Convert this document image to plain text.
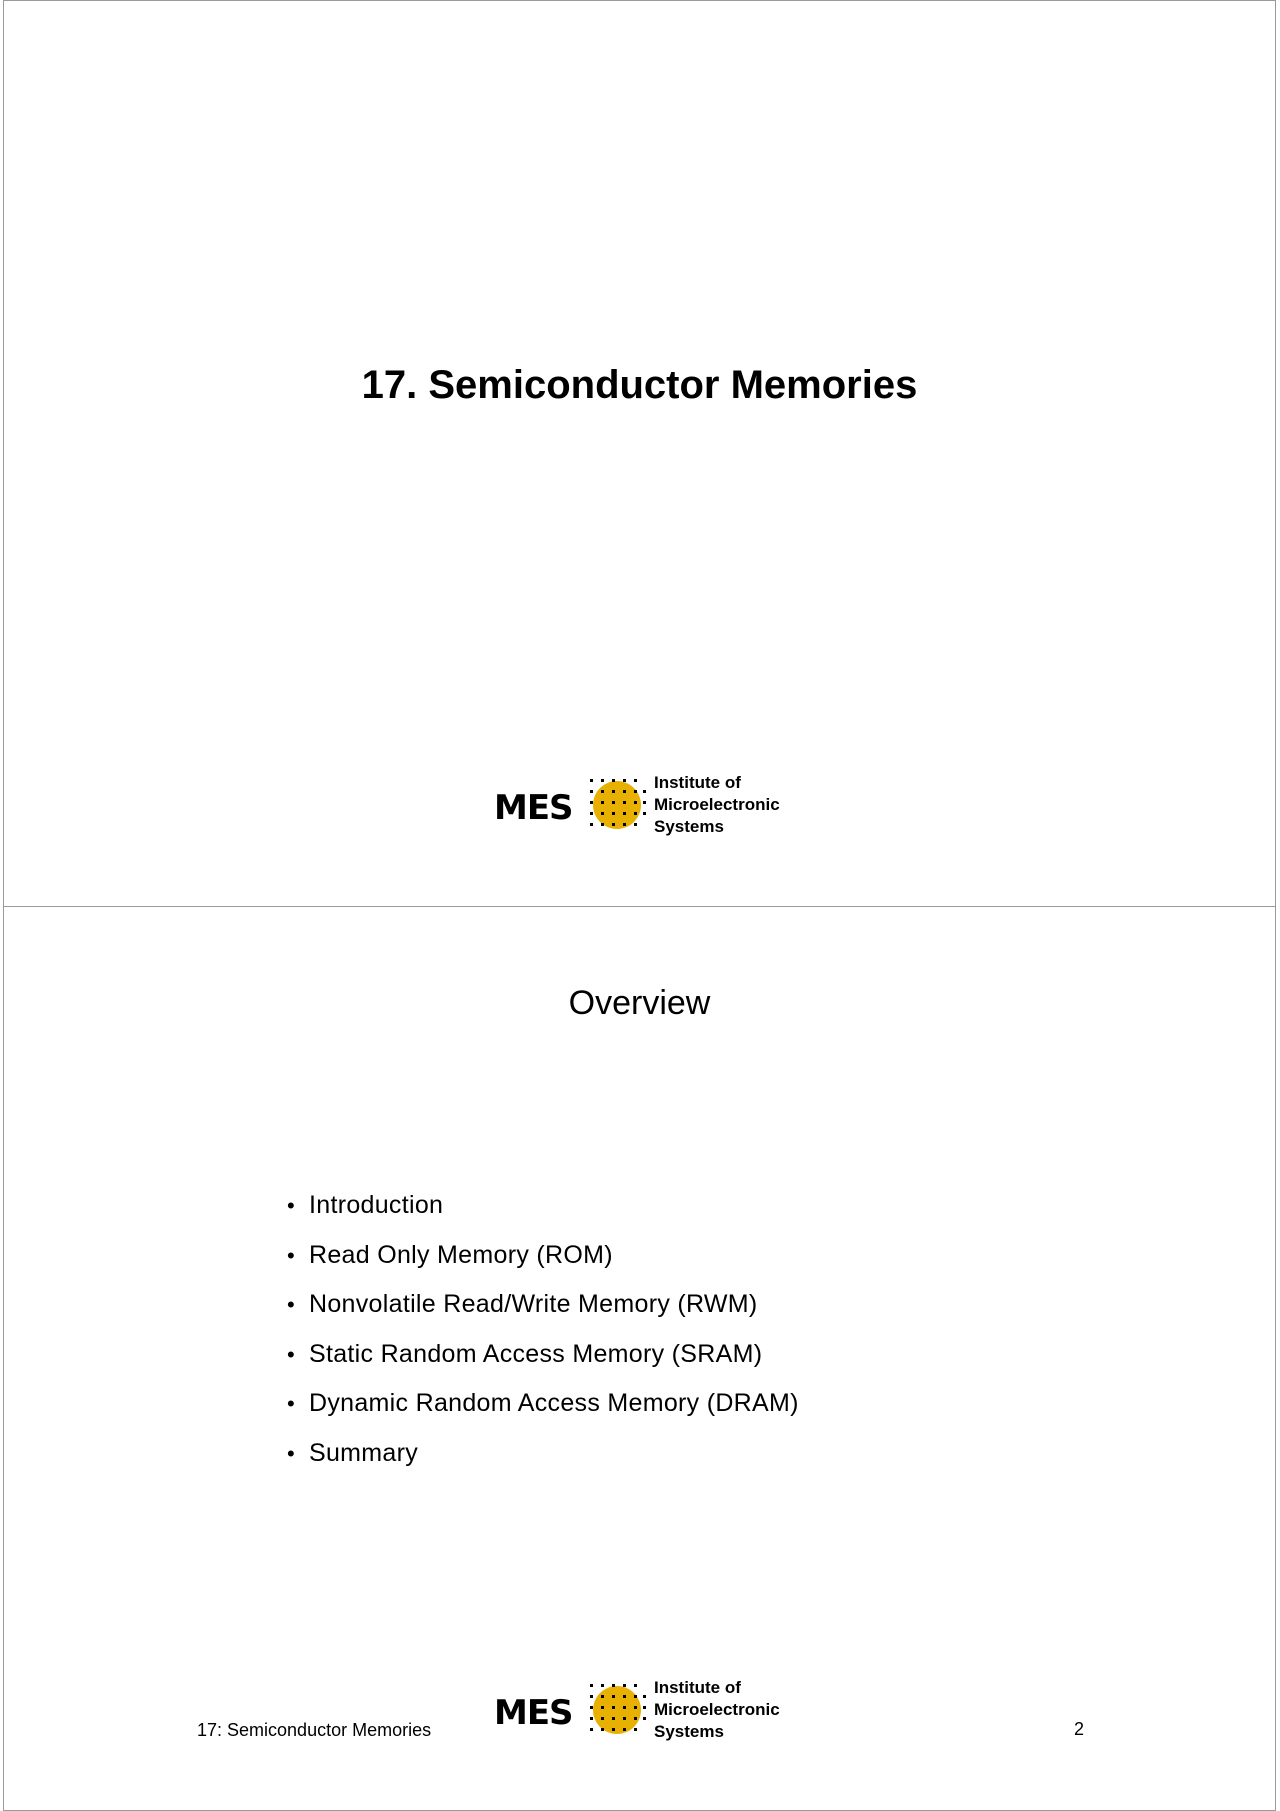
17. Semiconductor Memories
MES
Institute of
Microelectronic
Systems
Overview
• Introduction
• Read Only Memory (ROM)
• Nonvolatile Read/Write Memory (RWM)
• Static Random Access Memory (SRAM)
• Dynamic Random Access Memory (DRAM)
• Summary
17: Semiconductor Memories MES
Institute of
Microelectronic
Systems	2
